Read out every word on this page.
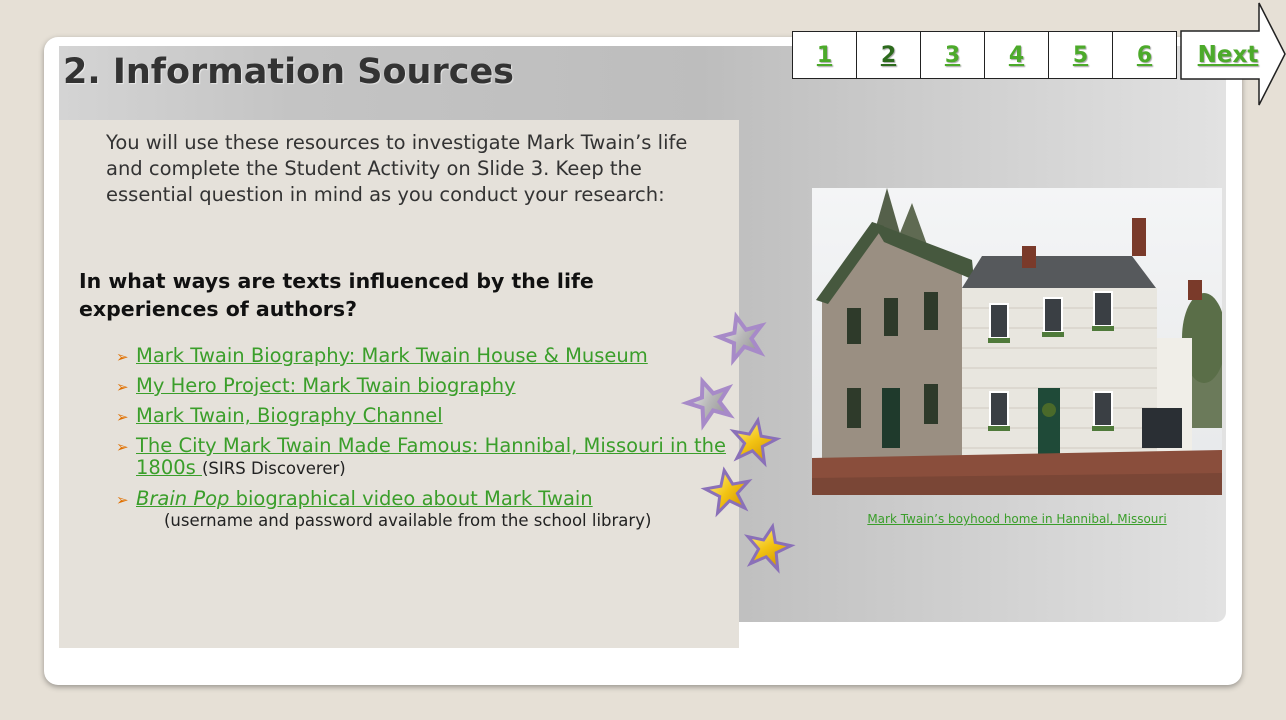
2. Information Sources

You will use these resources to investigate Mark Twain’s life and complete the Student Activity on Slide 3. Keep the essential question in mind as you conduct your research:

In what ways are texts influenced by the life experiences of authors?

➢ Mark Twain Biography: Mark Twain House & Museum
➢ My Hero Project: Mark Twain biography
➢ Mark Twain, Biography Channel
➢ The City Mark Twain Made Famous: Hannibal, Missouri in the 1800s (SIRS Discoverer)
➢ Brain Pop biographical video about Mark Twain
(username and password available from the school library)
1 2 3 4 5 6	Next
Mark Twain’s boyhood home in Hannibal, Missouri
